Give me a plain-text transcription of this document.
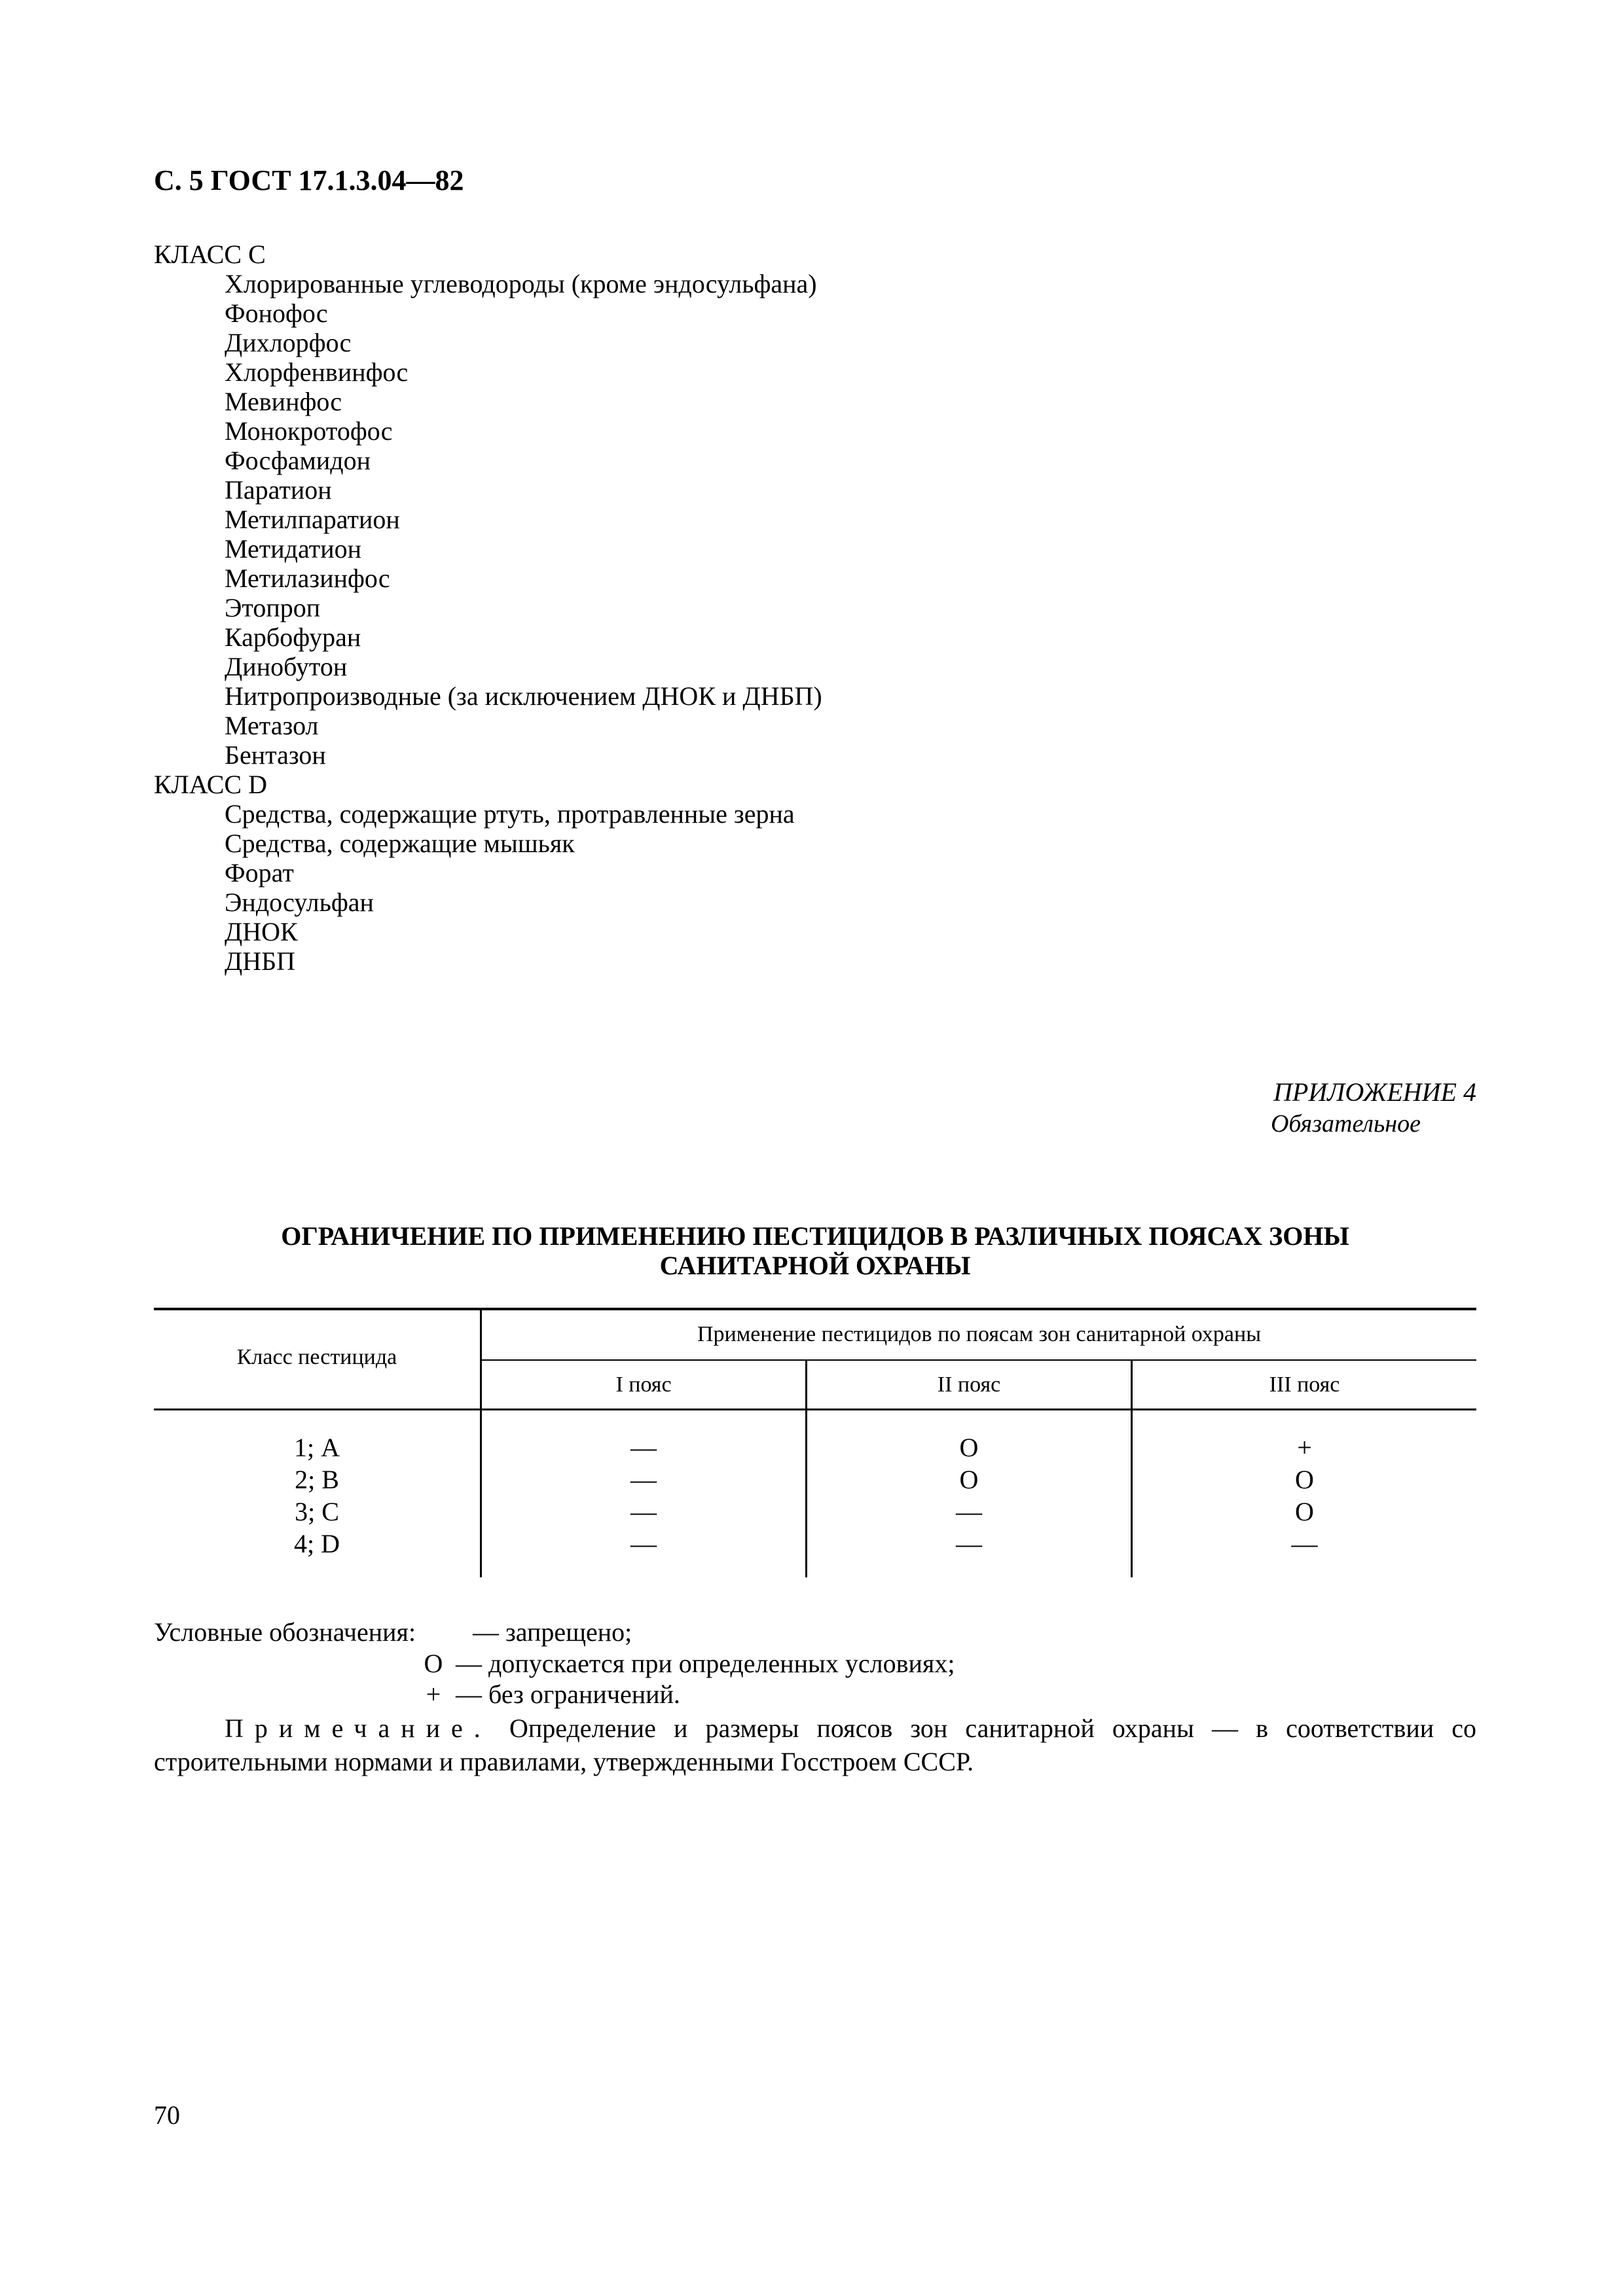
С. 5 ГОСТ 17.1.3.04—82
КЛАСС С
Хлорированные углеводороды (кроме эндосульфана)
Фонофос
Дихлорфос
Хлорфенвинфос
Мевинфос
Монокротофос
Фосфамидон
Паратион
Метилпаратион
Метидатион
Метилазинфос
Этопроп
Карбофуран
Динобутон
Нитропроизводные (за исключением ДНОК и ДНБП)
Метазол
Бентазон
КЛАСС D
Средства, содержащие ртуть, протравленные зерна
Средства, содержащие мышьяк
Форат
Эндосульфан
ДНОК
ДНБП
ПРИЛОЖЕНИЕ 4
Обязательное
ОГРАНИЧЕНИЕ ПО ПРИМЕНЕНИЮ ПЕСТИЦИДОВ В РАЗЛИЧНЫХ ПОЯСАХ ЗОНЫ
САНИТАРНОЙ ОХРАНЫ
Класс пестицида
Применение пестицидов по поясам зон санитарной охраны
I пояс	II пояс	III пояс
1; А	—	О	+
2; В	—	О	О
3; С	—	—	О
4; D	—	—	—
Условные обозначения: — запрещено;
О — допускается при определенных условиях;
+ — без ограничений.
Примечание. Определение и размеры поясов зон санитарной охраны — в соответствии со строительными нормами и правилами, утвержденными Госстроем СССР.
70
